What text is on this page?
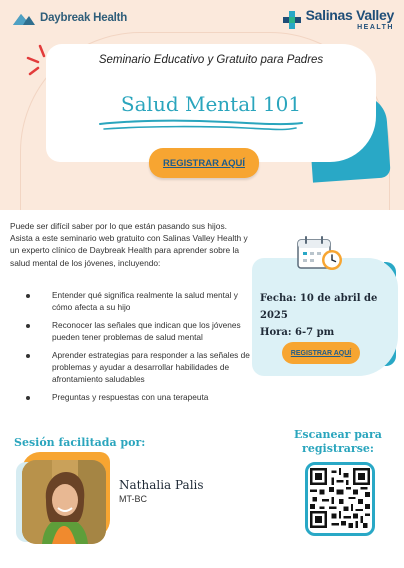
Daybreak Health	Salinas Valley
HEALTH
Seminario Educativo y Gratuito para Padres
Salud Mental 101
REGISTRAR AQUÍ

Puede ser difícil saber por lo que están pasando sus hijos. Asista a este seminario web gratuito con Salinas Valley Health y un experto clínico de Daybreak Health para aprender sobre la salud mental de los jóvenes, incluyendo:

Entender qué significa realmente la salud mental y cómo afecta a su hijo
Reconocer las señales que indican que los jóvenes pueden tener problemas de salud mental
Aprender estrategias para responder a las señales de problemas y ayudar a desarrollar habilidades de afrontamiento saludables
Preguntas y respuestas con una terapeuta
Fecha: 10 de abril de 2025
Hora: 6-7 pm
REGISTRAR AQUÍ
Sesión facilitada por:
Escanear para registrarse:
Nathalia Palis
MT-BC
